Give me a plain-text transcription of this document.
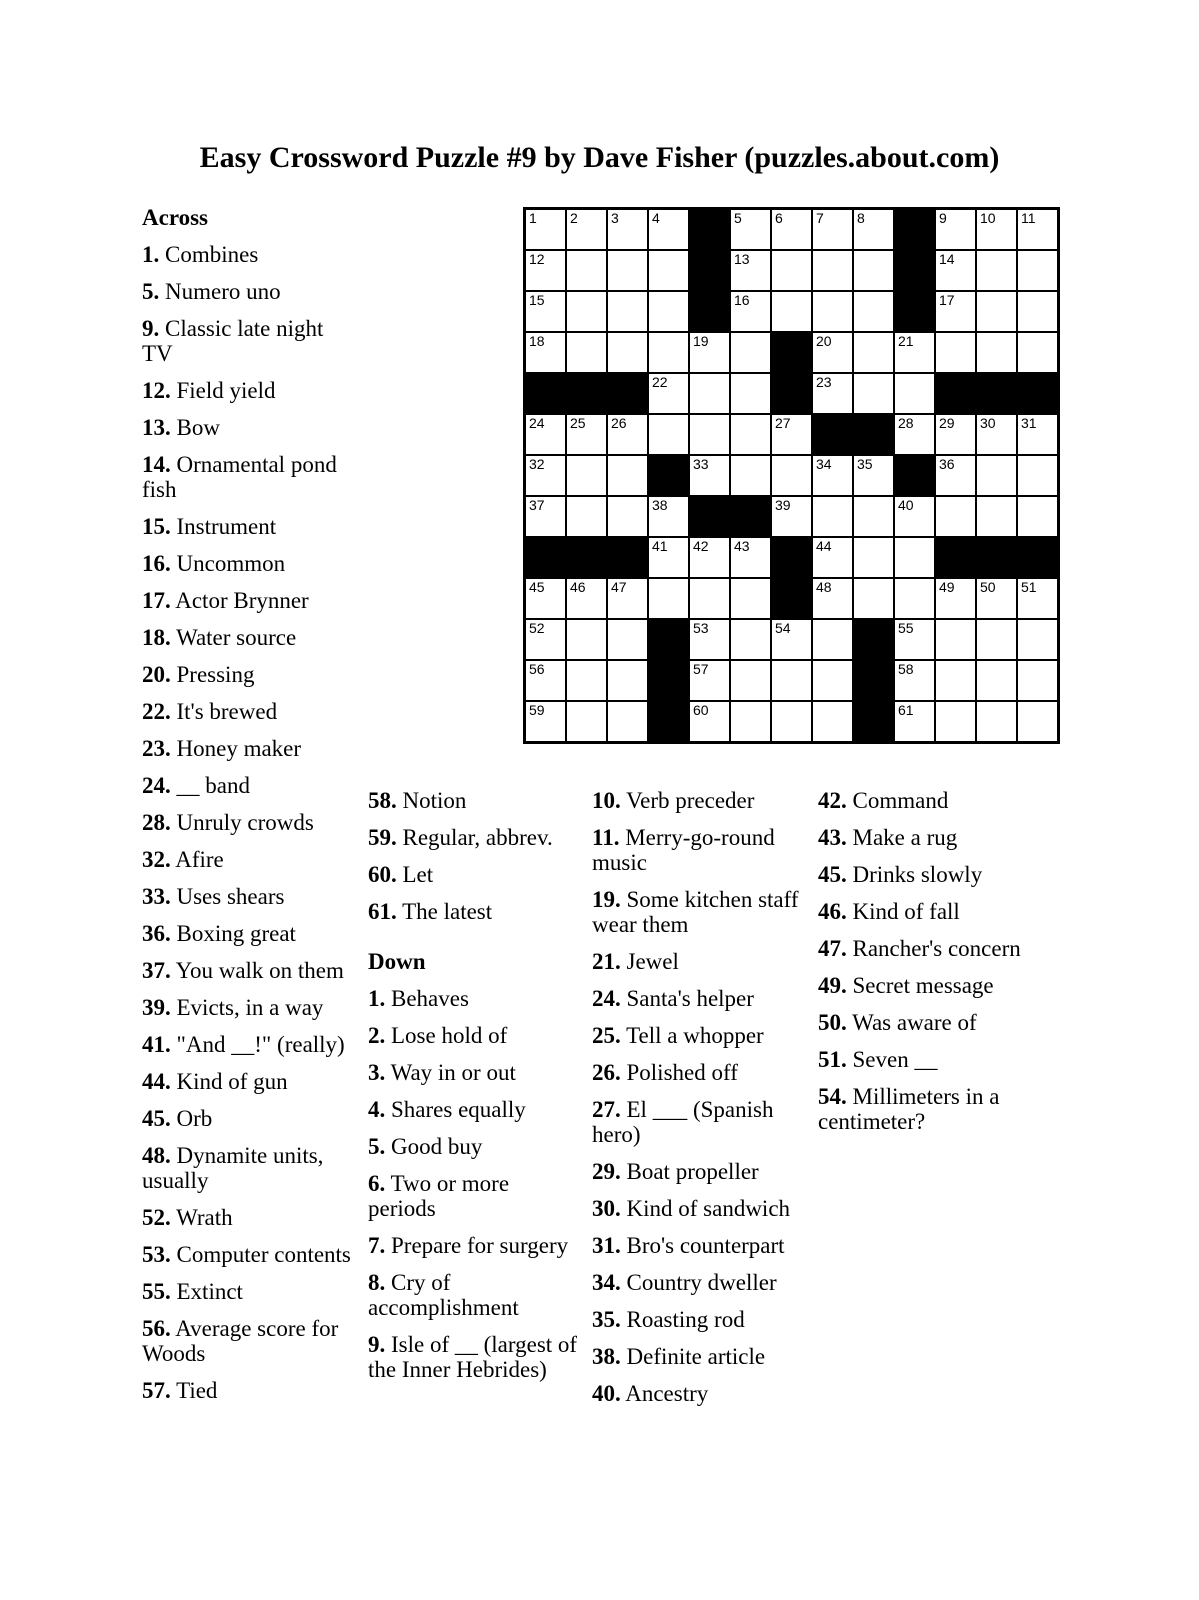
Easy Crossword Puzzle #9 by Dave Fisher (puzzles.about.com)
1 2 3 4	5 6 7 8	9 10 11
12	13	14
15	16	17
18	19	20	21
22	23
24 25 26	27	28 29 30 31
32	33	34 35	36
37	38	39	40
41 42 43	44
45 46 47	48	49 50 51
52	53	54	55
56	57	58
59	60	61
Across

1. Combines

5. Numero uno

9. Classic late night TV

12. Field yield

13. Bow

14. Ornamental pond fish

15. Instrument

16. Uncommon

17. Actor Brynner

18. Water source

20. Pressing

22. It's brewed

23. Honey maker

24. __ band

28. Unruly crowds

32. Afire

33. Uses shears

36. Boxing great

37. You walk on them

39. Evicts, in a way

41. "And __!" (really)

44. Kind of gun

45. Orb

48. Dynamite units, usually

52. Wrath

53. Computer contents

55. Extinct

56. Average score for Woods

57. Tied

58. Notion

59. Regular, abbrev.

60. Let

61. The latest

Down

1. Behaves

2. Lose hold of

3. Way in or out

4. Shares equally

5. Good buy

6. Two or more periods

7. Prepare for surgery

8. Cry of accomplishment

9. Isle of __ (largest of the Inner Hebrides)

10. Verb preceder

11. Merry-go-round music

19. Some kitchen staff wear them

21. Jewel

24. Santa's helper

25. Tell a whopper

26. Polished off

27. El ___ (Spanish hero)

29. Boat propeller

30. Kind of sandwich

31. Bro's counterpart

34. Country dweller

35. Roasting rod

38. Definite article

40. Ancestry

42. Command

43. Make a rug

45. Drinks slowly

46. Kind of fall

47. Rancher's concern

49. Secret message

50. Was aware of

51. Seven __

54. Millimeters in a centimeter?
